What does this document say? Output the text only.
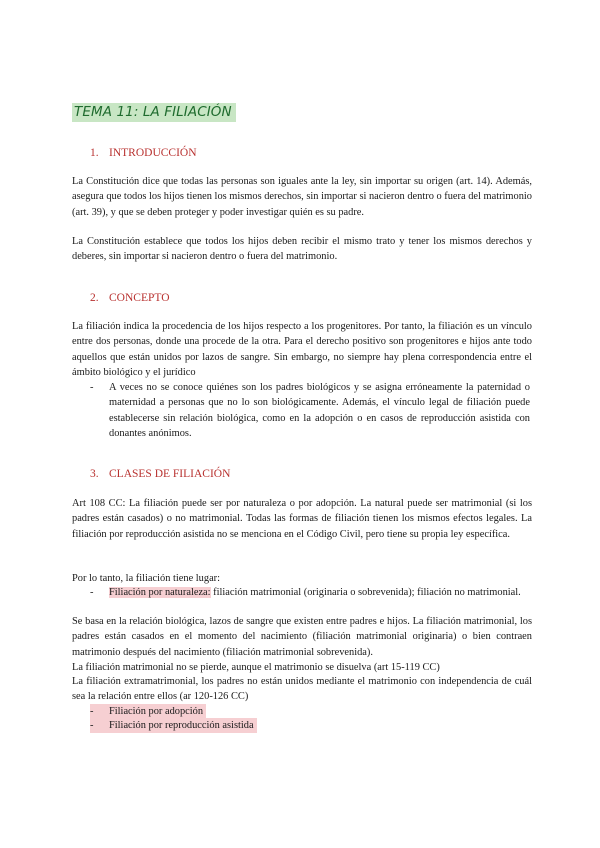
TEMA 11: LA FILIACIÓN
1. INTRODUCCIÓN

La Constitución dice que todas las personas son iguales ante la ley, sin importar su origen (art. 14). Además, asegura que todos los hijos tienen los mismos derechos, sin importar si nacieron dentro o fuera del matrimonio (art. 39), y que se deben proteger y poder investigar quién es su padre.

La Constitución establece que todos los hijos deben recibir el mismo trato y tener los mismos derechos y deberes, sin importar si nacieron dentro o fuera del matrimonio.

2. CONCEPTO

La filiación indica la procedencia de los hijos respecto a los progenitores. Por tanto, la filiación es un vínculo entre dos personas, donde una procede de la otra. Para el derecho positivo son progenitores e hijos ante todo aquellos que están unidos por lazos de sangre. Sin embargo, no siempre hay plena correspondencia entre el ámbito biológico y el jurídico

-	A veces no se conoce quiénes son los padres biológicos y se asigna erróneamente la paternidad o maternidad a personas que no lo son biológicamente. Además, el vínculo legal de filiación puede establecerse sin relación biológica, como en la adopción o en casos de reproducción asistida con donantes anónimos.
3. CLASES DE FILIACIÓN

Art 108 CC: La filiación puede ser por naturaleza o por adopción. La natural puede ser matrimonial (si los padres están casados) o no matrimonial. Todas las formas de filiación tienen los mismos efectos legales. La filiación por reproducción asistida no se menciona en el Código Civil, pero tiene su propia ley específica.

Por lo tanto, la filiación tiene lugar:

-	Filiación por naturaleza: filiación matrimonial (originaria o sobrevenida); filiación no matrimonial.

Se basa en la relación biológica, lazos de sangre que existen entre padres e hijos. La filiación matrimonial, los padres están casados en el momento del nacimiento (filiación matrimonial originaria) o bien contraen matrimonio después del nacimiento (filiación matrimonial sobrevenida).

La filiación matrimonial no se pierde, aunque el matrimonio se disuelva (art 15-119 CC)

La filiación extramatrimonial, los padres no están unidos mediante el matrimonio con independencia de cuál sea la relación entre ellos (ar 120-126 CC)

-	Filiación por adopción
-	Filiación por reproducción asistida
